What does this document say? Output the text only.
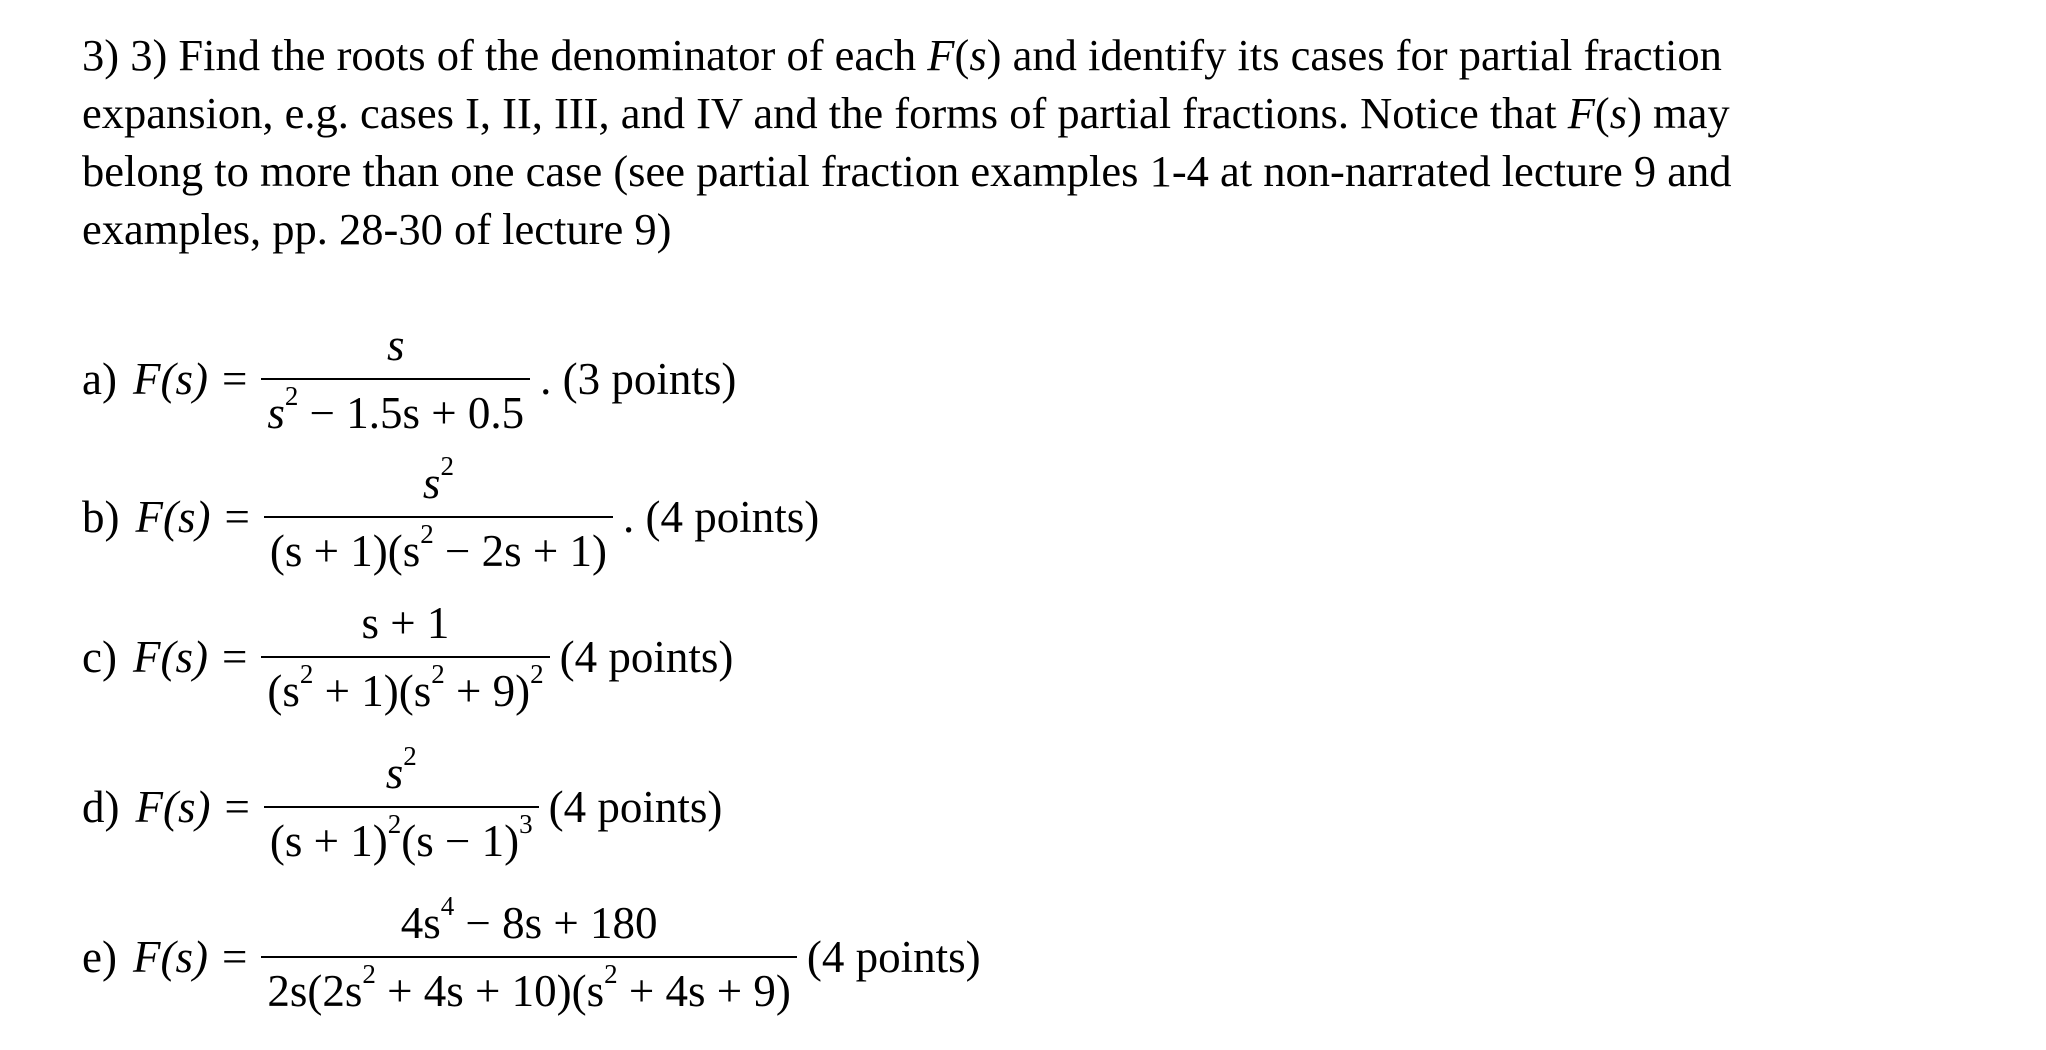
3) 3) Find the roots of the denominator of each F(s) and identify its cases for partial fraction
expansion, e.g. cases I, II, III, and IV and the forms of partial fractions. Notice that F(s) may
belong to more than one case (see partial fraction examples 1-4 at non-narrated lecture 9 and
examples, pp. 28-30 of lecture 9)

a) $F(s) = \frac{s}{s^2 - 1.5s + 0.5}$ . (3 points)
b) $F(s) = \frac{s^2}{(s + 1)(s^2 - 2s + 1)}$ . (4 points)
c) $F(s) = \frac{s + 1}{(s^2 + 1)(s^2 + 9)^2} (4$ points)
d) $F(s) = \frac{s^2}{(s + 1)^2(s - 1)^3} (4$ points)
e) $F(s) = \frac{4s^4 - 8s + 180}{2s(2s^2 + 4s + 10)(s^2 + 4s + 9)} (4$ points)
